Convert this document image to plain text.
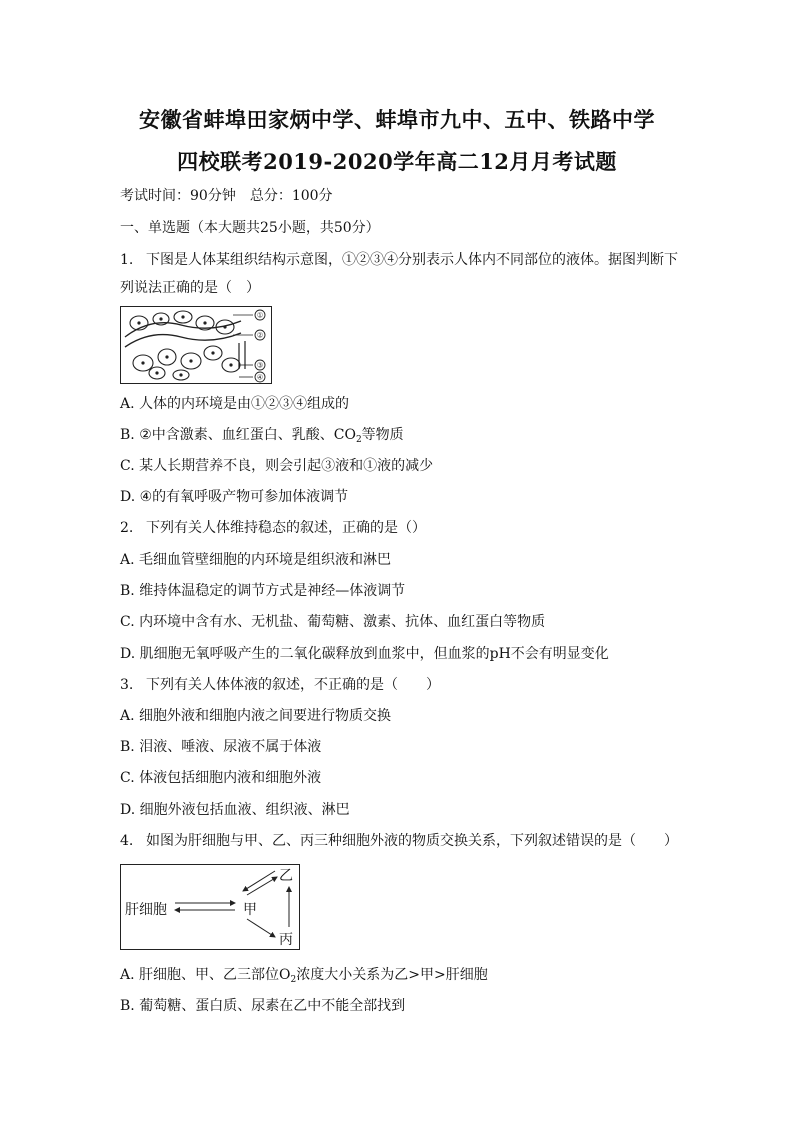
安徽省蚌埠田家炳中学、蚌埠市九中、五中、铁路中学
四校联考2019-2020学年高二12月月考试题
考试时间：90分钟　总分：100分
一、单选题（本大题共25小题，共50分）
1. 下图是人体某组织结构示意图，①②③④分别表示人体内不同部位的液体。据图判断下
列说法正确的是（　）
①
②
③
④
A. 人体的内环境是由①②③④组成的
B. ②中含激素、血红蛋白、乳酸、$CO_2$等物质
C. 某人长期营养不良，则会引起③液和①液的减少
D. ④的有氧呼吸产物可参加体液调节
2. 下列有关人体维持稳态的叙述，正确的是（）
A. 毛细血管壁细胞的内环境是组织液和淋巴
B. 维持体温稳定的调节方式是神经—体液调节
C. 内环境中含有水、无机盐、葡萄糖、激素、抗体、血红蛋白等物质
D. 肌细胞无氧呼吸产生的二氧化碳释放到血浆中，但血浆的pH不会有明显变化
3. 下列有关人体体液的叙述，不正确的是（　　）
A. 细胞外液和细胞内液之间要进行物质交换
B. 泪液、唾液、尿液不属于体液
C. 体液包括细胞内液和细胞外液
D. 细胞外液包括血液、组织液、淋巴
4. 如图为肝细胞与甲、乙、丙三种细胞外液的物质交换关系，下列叙述错误的是（　　）
肝细胞	甲
乙
丙
A. 肝细胞、甲、乙三部位$O_2$浓度大小关系为乙>甲>肝细胞
B. 葡萄糖、蛋白质、尿素在乙中不能全部找到
